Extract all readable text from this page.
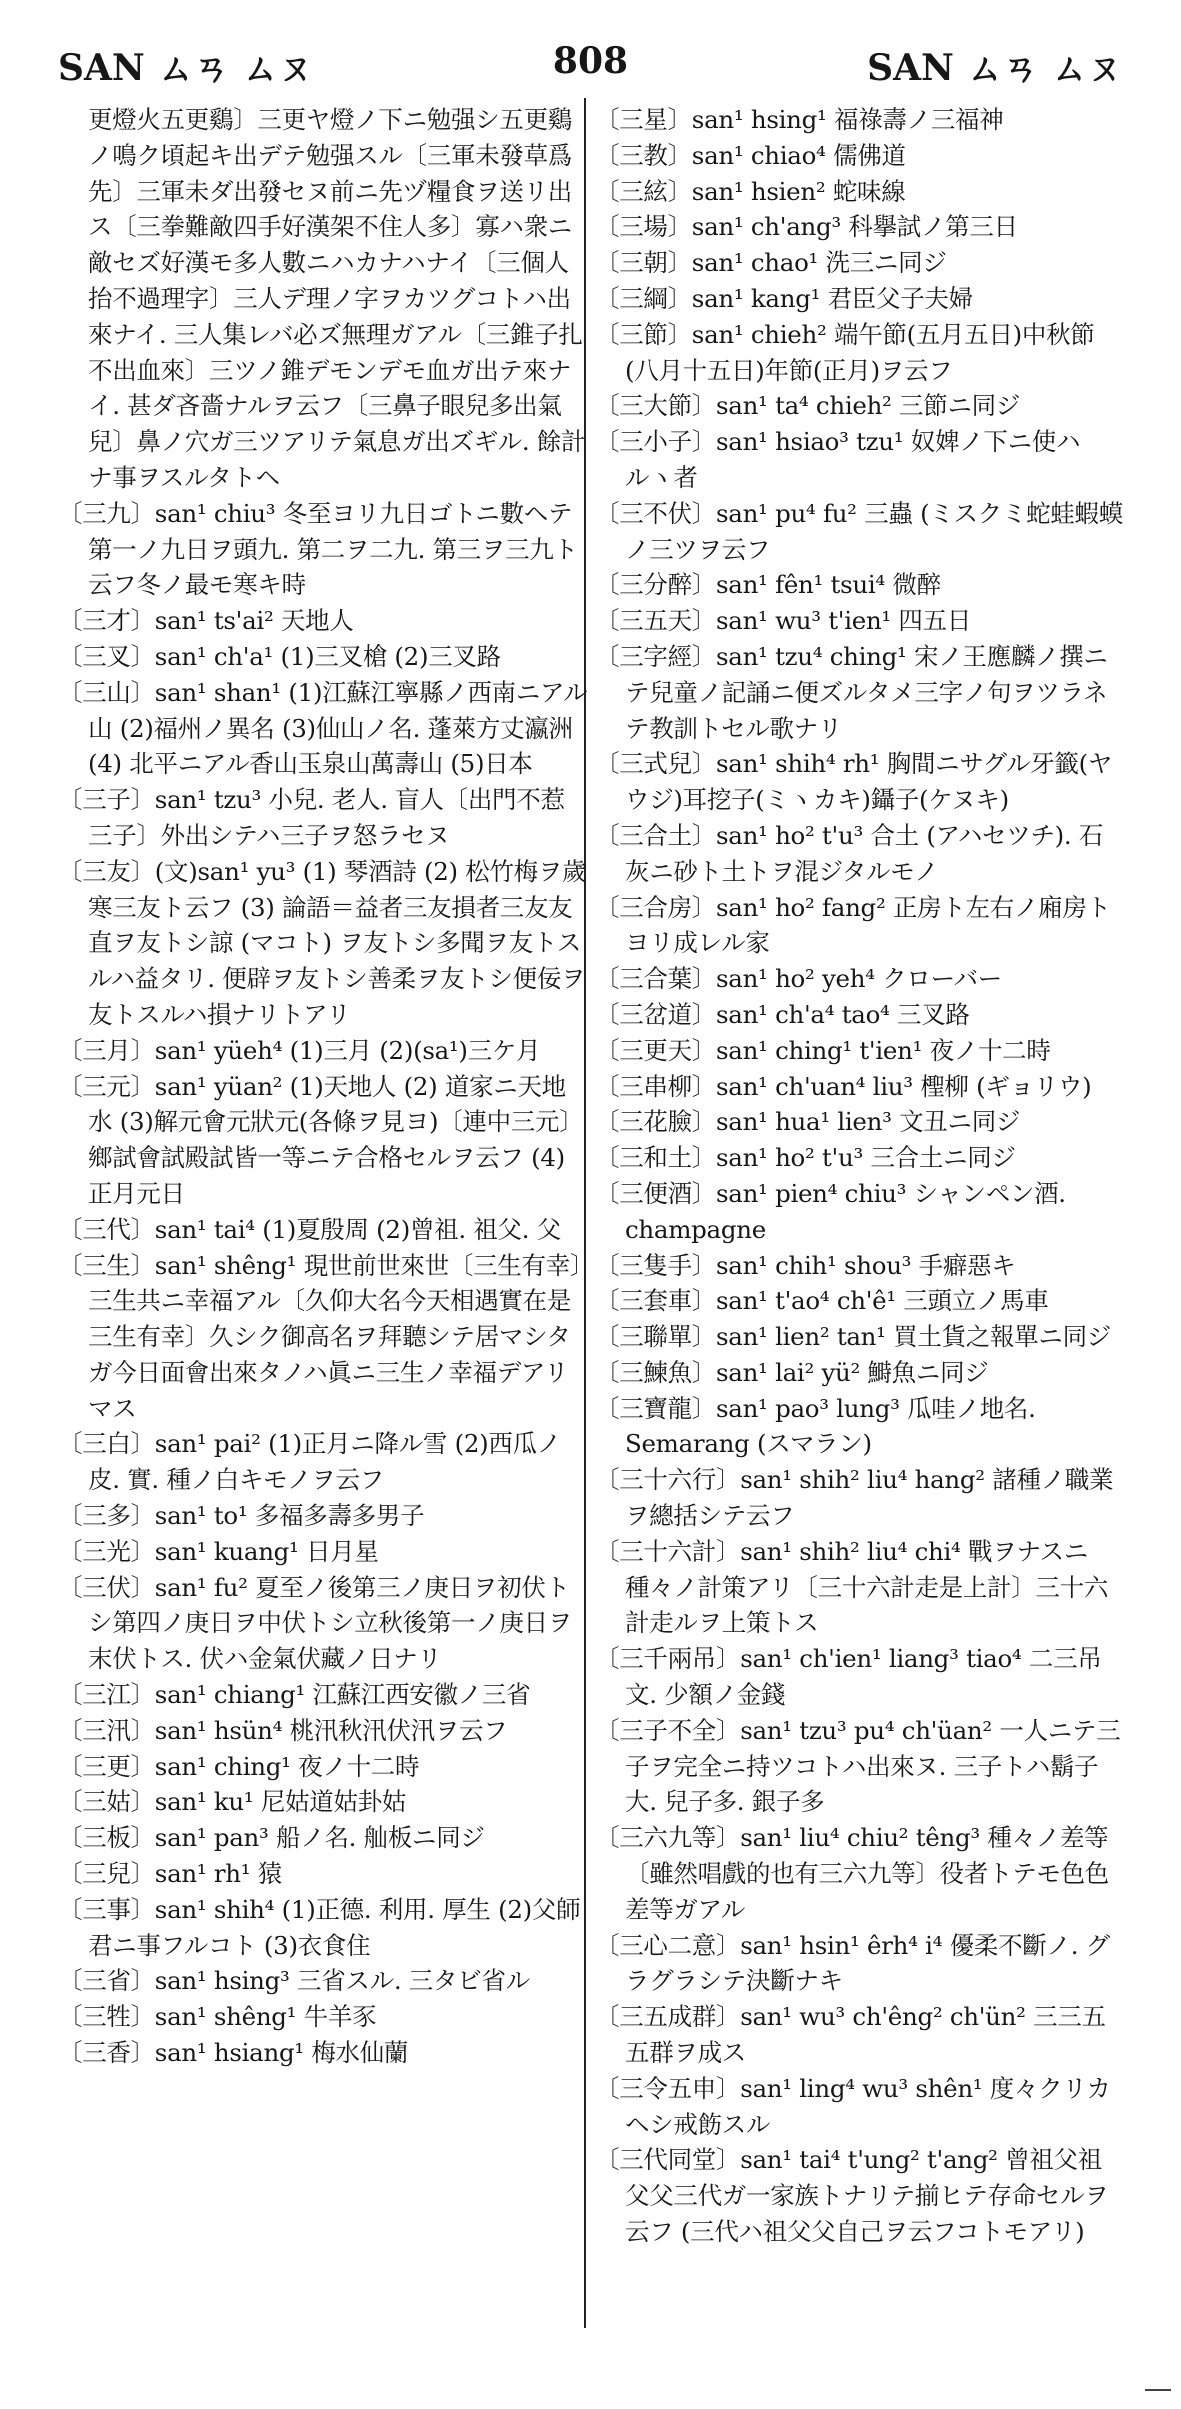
SAN ㄙㄢ ㄙㄡ	808	SAN ㄙㄢ ㄙㄡ

更燈火五更鷄〕三更ヤ燈ノ下ニ勉强シ五更鷄ノ鳴ク頃起キ出デテ勉强スル〔三軍未發草爲先〕三軍未ダ出發セヌ前ニ先ヅ糧食ヲ送リ出ス〔三拳難敵四手好漢架不住人多〕寡ハ衆ニ敵セズ好漢モ多人數ニハカナハナイ〔三個人抬不過理字〕三人デ理ノ字ヲカツグコトハ出來ナイ. 三人集レバ必ズ無理ガアル〔三錐子扎不出血來〕三ツノ錐デモンデモ血ガ出テ來ナイ. 甚ダ吝嗇ナルヲ云フ〔三鼻子眼兒多出氣兒〕鼻ノ穴ガ三ツアリテ氣息ガ出ズギル. 餘計ナ事ヲスルタトヘ

〔三九〕san¹ chiu³ 冬至ヨリ九日ゴトニ數ヘテ第一ノ九日ヲ頭九. 第二ヲ二九. 第三ヲ三九ト云フ冬ノ最モ寒キ時

〔三才〕san¹ ts'ai² 天地人

〔三叉〕san¹ ch'a¹ (1)三叉槍 (2)三叉路

〔三山〕san¹ shan¹ (1)江蘇江寧縣ノ西南ニアル山 (2)福州ノ異名 (3)仙山ノ名. 蓬萊方丈瀛洲 (4) 北平ニアル香山玉泉山萬壽山 (5)日本

〔三子〕san¹ tzu³ 小兒. 老人. 盲人〔出門不惹三子〕外出シテハ三子ヲ怒ラセヌ

〔三友〕(文)san¹ yu³ (1) 琴酒詩 (2) 松竹梅ヲ歲寒三友ト云フ (3) 論語＝益者三友損者三友友直ヲ友トシ諒 (マコト) ヲ友トシ多聞ヲ友トスルハ益タリ. 便辟ヲ友トシ善柔ヲ友トシ便佞ヲ友トスルハ損ナリトアリ

〔三月〕san¹ yüeh⁴ (1)三月 (2)(sa¹)三ケ月

〔三元〕san¹ yüan² (1)天地人 (2) 道家ニ天地水 (3)解元會元狀元(各條ヲ見ヨ)〔連中三元〕鄉試會試殿試皆一等ニテ合格セルヲ云フ (4)正月元日

〔三代〕san¹ tai⁴ (1)夏殷周 (2)曾祖. 祖父. 父

〔三生〕san¹ shêng¹ 現世前世來世〔三生有幸〕三生共ニ幸福アル〔久仰大名今天相遇實在是三生有幸〕久シク御高名ヲ拜聽シテ居マシタガ今日面會出來タノハ眞ニ三生ノ幸福デアリマス

〔三白〕san¹ pai² (1)正月ニ降ル雪 (2)西瓜ノ皮. 實. 種ノ白キモノヲ云フ

〔三多〕san¹ to¹ 多福多壽多男子

〔三光〕san¹ kuang¹ 日月星

〔三伏〕san¹ fu² 夏至ノ後第三ノ庚日ヲ初伏トシ第四ノ庚日ヲ中伏トシ立秋後第一ノ庚日ヲ末伏トス. 伏ハ金氣伏藏ノ日ナリ

〔三江〕san¹ chiang¹ 江蘇江西安徽ノ三省

〔三汛〕san¹ hsün⁴ 桃汛秋汛伏汛ヲ云フ

〔三更〕san¹ ching¹ 夜ノ十二時

〔三姑〕san¹ ku¹ 尼姑道姑卦姑

〔三板〕san¹ pan³ 船ノ名. 舢板ニ同ジ

〔三兒〕san¹ rh¹ 猿

〔三事〕san¹ shih⁴ (1)正德. 利用. 厚生 (2)父師君ニ事フルコト (3)衣食住

〔三省〕san¹ hsing³ 三省スル. 三タビ省ル

〔三牲〕san¹ shêng¹ 牛羊豕

〔三香〕san¹ hsiang¹ 梅水仙蘭

〔三星〕san¹ hsing¹ 福祿壽ノ三福神

〔三教〕san¹ chiao⁴ 儒佛道

〔三絃〕san¹ hsien² 蛇味線

〔三場〕san¹ ch'ang³ 科擧試ノ第三日

〔三朝〕san¹ chao¹ 洗三ニ同ジ

〔三綱〕san¹ kang¹ 君臣父子夫婦

〔三節〕san¹ chieh² 端午節(五月五日)中秋節(八月十五日)年節(正月)ヲ云フ

〔三大節〕san¹ ta⁴ chieh² 三節ニ同ジ

〔三小子〕san¹ hsiao³ tzu¹ 奴婢ノ下ニ使ハルヽ者

〔三不伏〕san¹ pu⁴ fu² 三蟲 (ミスクミ蛇蛙蝦蟆ノ三ツヲ云フ

〔三分醉〕san¹ fên¹ tsui⁴ 微醉

〔三五天〕san¹ wu³ t'ien¹ 四五日

〔三字經〕san¹ tzu⁴ ching¹ 宋ノ王應麟ノ撰ニテ兒童ノ記誦ニ便ズルタメ三字ノ句ヲツラネテ教訓トセル歌ナリ

〔三式兒〕san¹ shih⁴ rh¹ 胸間ニサグル牙籤(ヤウジ)耳挖子(ミヽカキ)鑷子(ケヌキ)

〔三合土〕san¹ ho² t'u³ 合土 (アハセツチ). 石灰ニ砂ト土トヲ混ジタルモノ

〔三合房〕san¹ ho² fang² 正房ト左右ノ廂房トヨリ成レル家

〔三合葉〕san¹ ho² yeh⁴ クローバー

〔三岔道〕san¹ ch'a⁴ tao⁴ 三叉路

〔三更天〕san¹ ching¹ t'ien¹ 夜ノ十二時

〔三串柳〕san¹ ch'uan⁴ liu³ 檉柳 (ギョリウ)

〔三花臉〕san¹ hua¹ lien³ 文丑ニ同ジ

〔三和土〕san¹ ho² t'u³ 三合土ニ同ジ

〔三便酒〕san¹ pien⁴ chiu³ シャンペン酒. champagne

〔三隻手〕san¹ chih¹ shou³ 手癖惡キ

〔三套車〕san¹ t'ao⁴ ch'ê¹ 三頭立ノ馬車

〔三聯單〕san¹ lien² tan¹ 買土貨之報單ニ同ジ

〔三鰊魚〕san¹ lai² yü² 鰣魚ニ同ジ

〔三寶龍〕san¹ pao³ lung³ 瓜哇ノ地名. Semarang (スマラン)

〔三十六行〕san¹ shih² liu⁴ hang² 諸種ノ職業ヲ總括シテ云フ

〔三十六計〕san¹ shih² liu⁴ chi⁴ 戰ヲナスニ種々ノ計策アリ〔三十六計走是上計〕三十六計走ルヲ上策トス

〔三千兩吊〕san¹ ch'ien¹ liang³ tiao⁴ 二三吊文. 少額ノ金錢

〔三子不全〕san¹ tzu³ pu⁴ ch'üan² 一人ニテ三子ヲ完全ニ持ツコトハ出來ヌ. 三子トハ鬍子大. 兒子多. 銀子多

〔三六九等〕san¹ liu⁴ chiu² têng³ 種々ノ差等〔雖然唱戲的也有三六九等〕役者トテモ色色差等ガアル

〔三心二意〕san¹ hsin¹ êrh⁴ i⁴ 優柔不斷ノ. グラグラシテ決斷ナキ

〔三五成群〕san¹ wu³ ch'êng² ch'ün² 三三五五群ヲ成ス

〔三令五申〕san¹ ling⁴ wu³ shên¹ 度々クリカヘシ戒飭スル

〔三代同堂〕san¹ tai⁴ t'ung² t'ang² 曾祖父祖父父三代ガ一家族トナリテ揃ヒテ存命セルヲ云フ (三代ハ祖父父自己ヲ云フコトモアリ)
